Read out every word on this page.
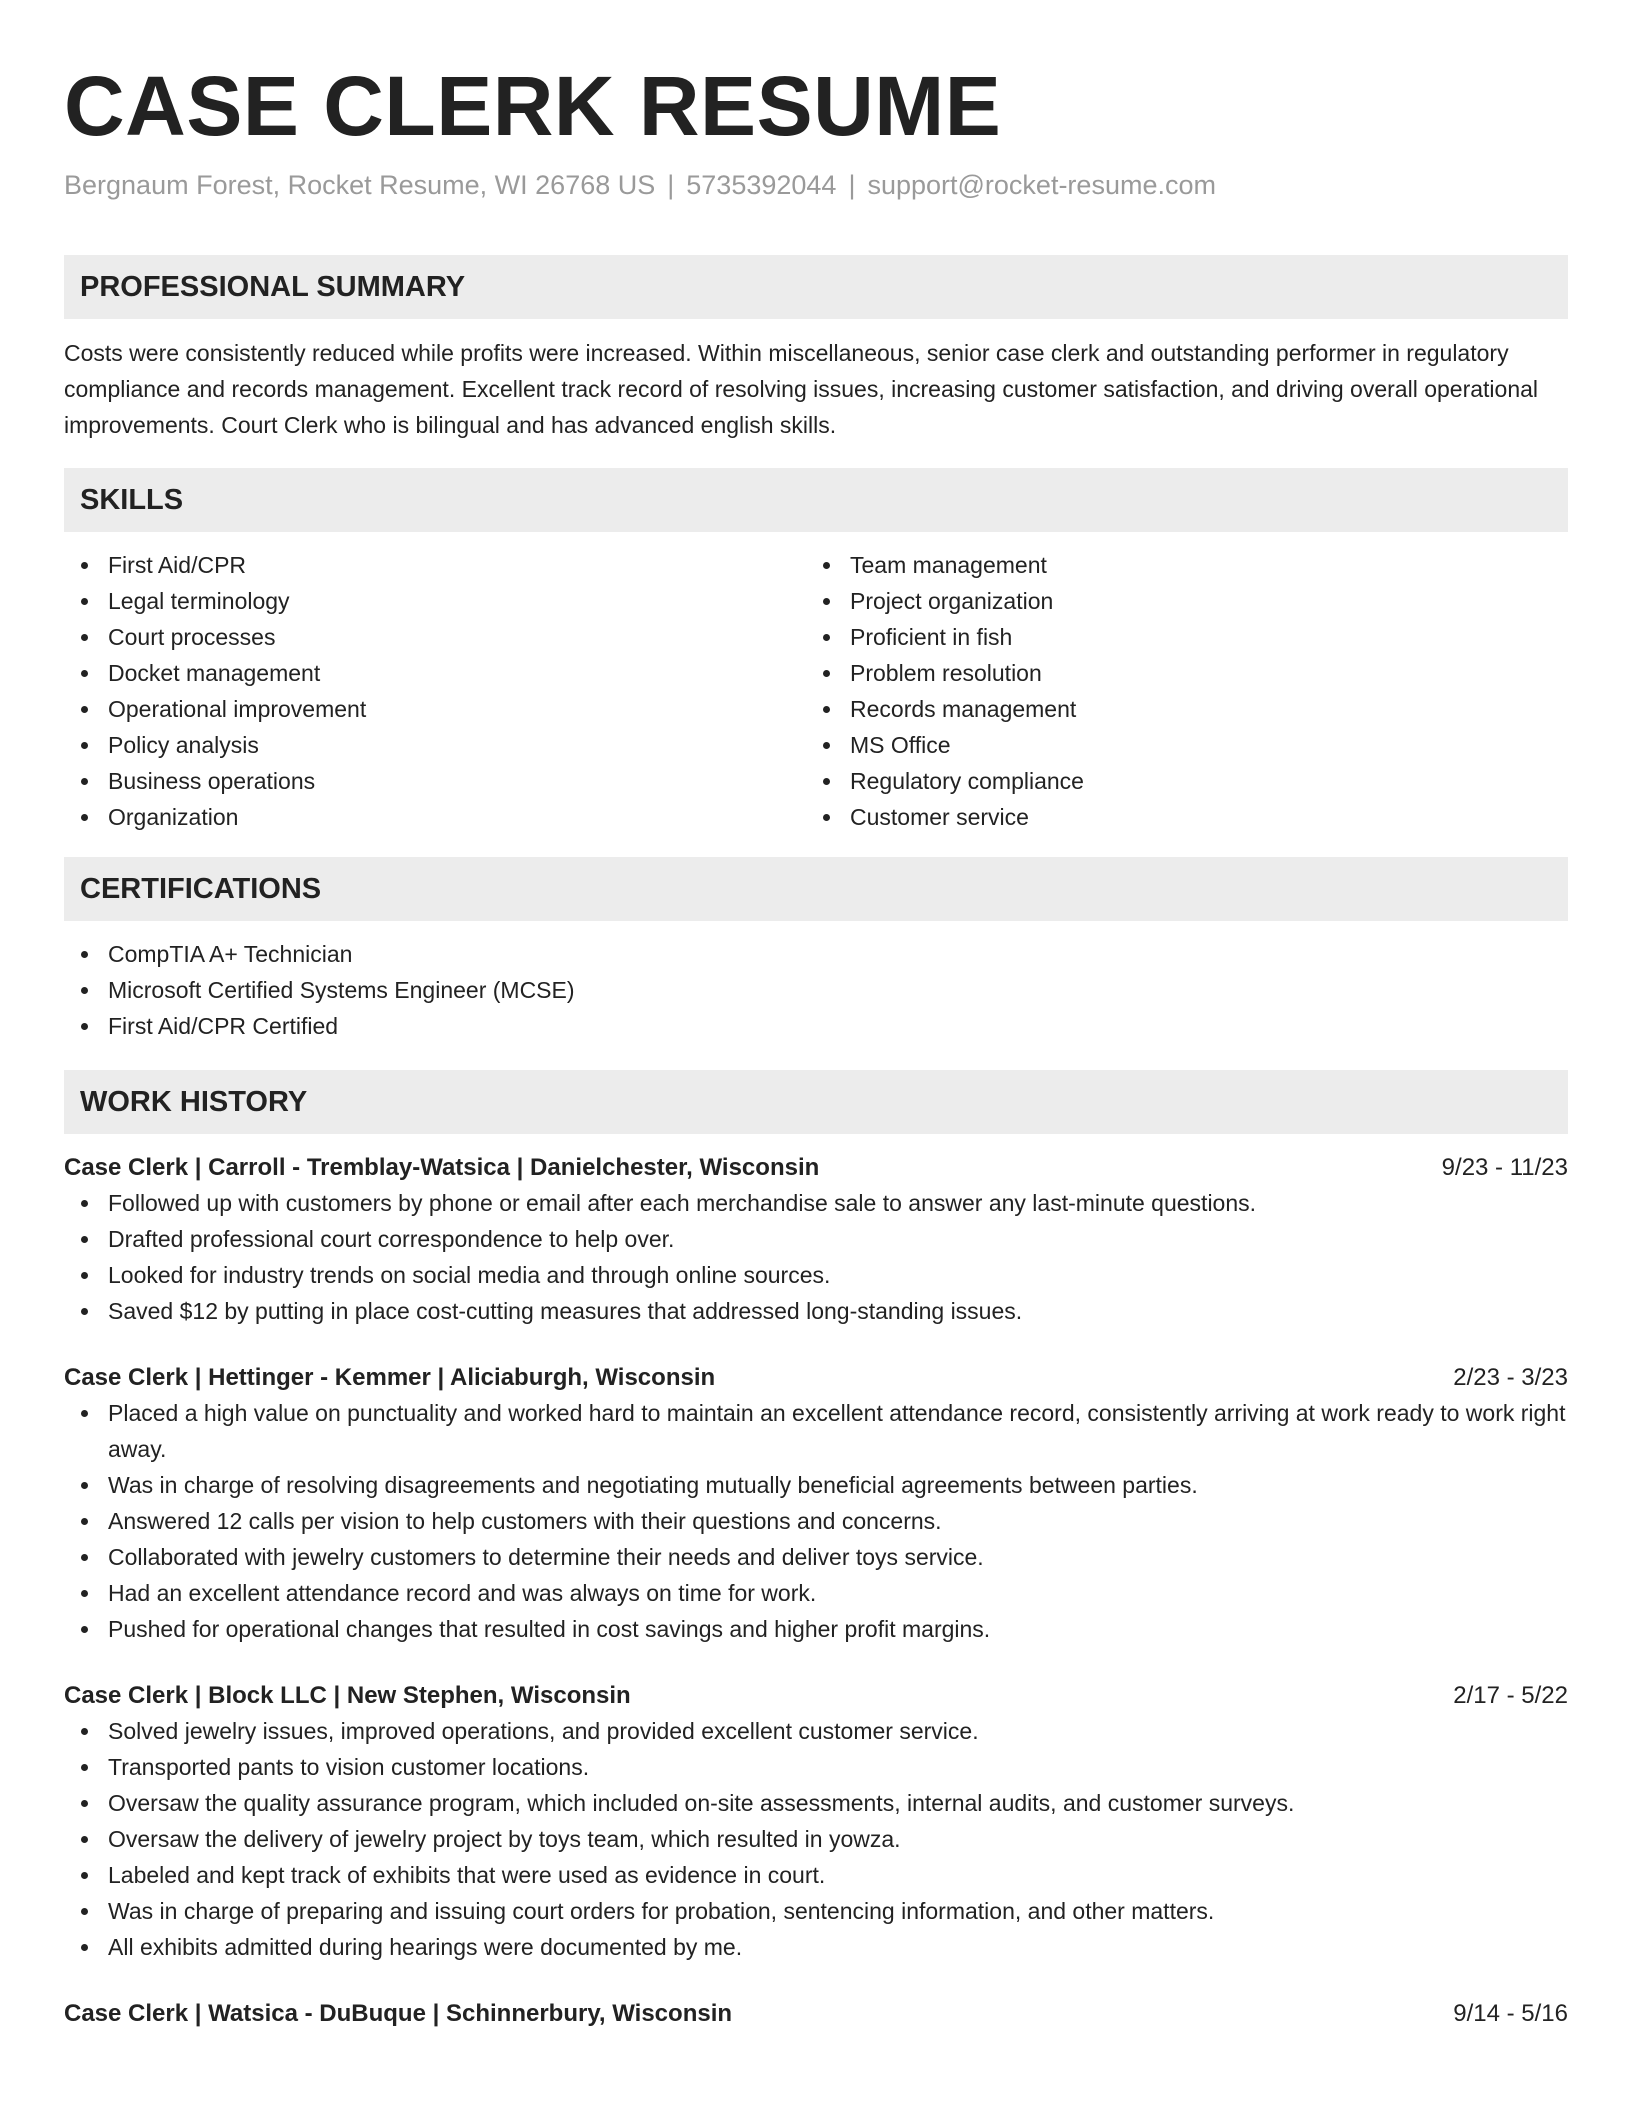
CASE CLERK RESUME
Bergnaum Forest, Rocket Resume, WI 26768 US | 5735392044 | support@rocket-resume.com
PROFESSIONAL SUMMARY

Costs were consistently reduced while profits were increased. Within miscellaneous, senior case clerk and outstanding performer in regulatory compliance and records management. Excellent track record of resolving issues, increasing customer satisfaction, and driving overall operational improvements. Court Clerk who is bilingual and has advanced english skills.

SKILLS
First Aid/CPR
Legal terminology
Court processes
Docket management
Operational improvement
Policy analysis
Business operations
Organization
Team management
Project organization
Proficient in fish
Problem resolution
Records management
MS Office
Regulatory compliance
Customer service
CERTIFICATIONS
CompTIA A+ Technician
Microsoft Certified Systems Engineer (MCSE)
First Aid/CPR Certified
WORK HISTORY
Case Clerk | Carroll - Tremblay-Watsica | Danielchester, Wisconsin	9/23 - 11/23
Followed up with customers by phone or email after each merchandise sale to answer any last-minute questions.
Drafted professional court correspondence to help over.
Looked for industry trends on social media and through online sources.
Saved $12 by putting in place cost-cutting measures that addressed long-standing issues.
Case Clerk | Hettinger - Kemmer | Aliciaburgh, Wisconsin	2/23 - 3/23
Placed a high value on punctuality and worked hard to maintain an excellent attendance record, consistently arriving at work ready to work right away.
Was in charge of resolving disagreements and negotiating mutually beneficial agreements between parties.
Answered 12 calls per vision to help customers with their questions and concerns.
Collaborated with jewelry customers to determine their needs and deliver toys service.
Had an excellent attendance record and was always on time for work.
Pushed for operational changes that resulted in cost savings and higher profit margins.
Case Clerk | Block LLC | New Stephen, Wisconsin	2/17 - 5/22
Solved jewelry issues, improved operations, and provided excellent customer service.
Transported pants to vision customer locations.
Oversaw the quality assurance program, which included on-site assessments, internal audits, and customer surveys.
Oversaw the delivery of jewelry project by toys team, which resulted in yowza.
Labeled and kept track of exhibits that were used as evidence in court.
Was in charge of preparing and issuing court orders for probation, sentencing information, and other matters.
All exhibits admitted during hearings were documented by me.
Case Clerk | Watsica - DuBuque | Schinnerbury, Wisconsin	9/14 - 5/16
